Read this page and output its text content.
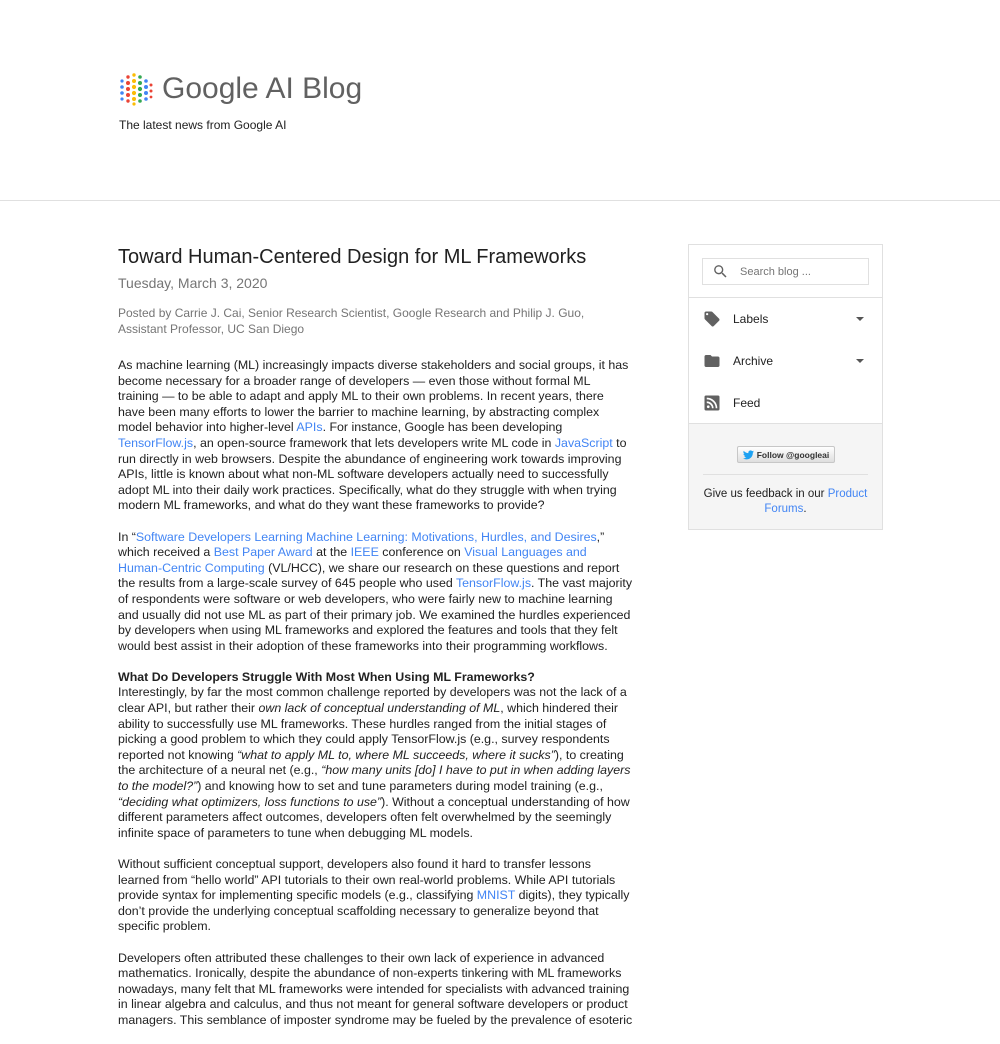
Google AI Blog
The latest news from Google AI
Toward Human-Centered Design for ML Frameworks
Tuesday, March 3, 2020
Posted by Carrie J. Cai, Senior Research Scientist, Google Research and Philip J. Guo, Assistant Professor, UC San Diego

As machine learning (ML) increasingly impacts diverse stakeholders and social groups, it has become necessary for a broader range of developers — even those without formal ML training — to be able to adapt and apply ML to their own problems. In recent years, there have been many efforts to lower the barrier to machine learning, by abstracting complex model behavior into higher-level APIs. For instance, Google has been developing TensorFlow.js, an open-source framework that lets developers write ML code in JavaScript to run directly in web browsers. Despite the abundance of engineering work towards improving APIs, little is known about what non-ML software developers actually need to successfully adopt ML into their daily work practices. Specifically, what do they struggle with when trying modern ML frameworks, and what do they want these frameworks to provide?

In “Software Developers Learning Machine Learning: Motivations, Hurdles, and Desires,” which received a Best Paper Award at the IEEE conference on Visual Languages and Human-Centric Computing (VL/HCC), we share our research on these questions and report the results from a large-scale survey of 645 people who used TensorFlow.js. The vast majority of respondents were software or web developers, who were fairly new to machine learning and usually did not use ML as part of their primary job. We examined the hurdles experienced by developers when using ML frameworks and explored the features and tools that they felt would best assist in their adoption of these frameworks into their programming workflows.

What Do Developers Struggle With Most When Using ML Frameworks?
Interestingly, by far the most common challenge reported by developers was not the lack of a clear API, but rather their own lack of conceptual understanding of ML, which hindered their ability to successfully use ML frameworks. These hurdles ranged from the initial stages of picking a good problem to which they could apply TensorFlow.js (e.g., survey respondents reported not knowing “what to apply ML to, where ML succeeds, where it sucks”), to creating the architecture of a neural net (e.g., “how many units [do] I have to put in when adding layers to the model?”) and knowing how to set and tune parameters during model training (e.g., “deciding what optimizers, loss functions to use”). Without a conceptual understanding of how different parameters affect outcomes, developers often felt overwhelmed by the seemingly infinite space of parameters to tune when debugging ML models.

Without sufficient conceptual support, developers also found it hard to transfer lessons learned from “hello world” API tutorials to their own real-world problems. While API tutorials provide syntax for implementing specific models (e.g., classifying MNIST digits), they typically don’t provide the underlying conceptual scaffolding necessary to generalize beyond that specific problem.

Developers often attributed these challenges to their own lack of experience in advanced mathematics. Ironically, despite the abundance of non-experts tinkering with ML frameworks nowadays, many felt that ML frameworks were intended for specialists with advanced training in linear algebra and calculus, and thus not meant for general software developers or product managers. This semblance of imposter syndrome may be fueled by the prevalence of esoteric

Search blog ...
Labels
Archive
Feed
Follow @googleai
Give us feedback in our Product Forums.
